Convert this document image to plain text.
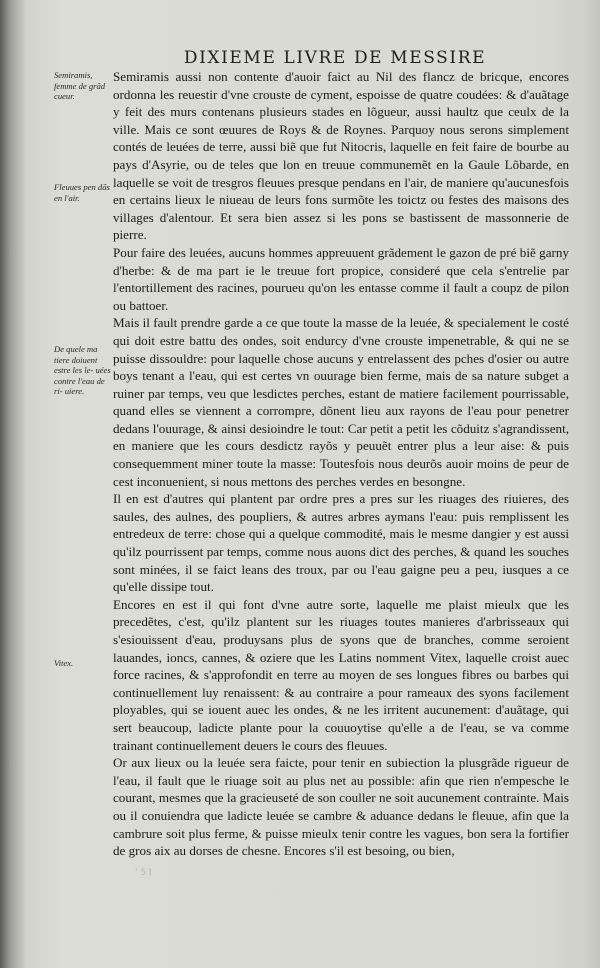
DIXIEME LIVRE DE MESSIRE
Semiramis, femme de grãd cueur.
Fleuues pen dãs en l'air.
De quele ma tiere doiuent estre les le- uées contre l'eau de ri- uiere.
Vitex.

Semiramis aussi non contente d'auoir faict au Nil des flancz de bricque, encores ordonna les reuestir d'vne crouste de cyment, espoisse de quatre coudées: & d'auãtage y feit des murs contenans plusieurs stades en lõgueur, aussi haultz que ceulx de la ville. Mais ce sont œuures de Roys & de Roynes. Parquoy nous serons simplement contés de leuées de terre, aussi biẽ que fut Nitocris, laquelle en feit faire de bourbe au pays d'Asyrie, ou de teles que lon en treuue communemẽt en la Gaule Lõbarde, en laquelle se voit de tresgros fleuues presque pendans en l'air, de maniere qu'aucunesfois en certains lieux le niueau de leurs fons surmõte les toictz ou festes des maisons des villages d'alentour. Et sera bien assez si les pons se bastissent de massonnerie de pierre.

Pour faire des leuées, aucuns hommes appreuuent grãdement le gazon de pré biẽ garny d'herbe: & de ma part ie le treuue fort propice, consideré que cela s'entrelie par l'entortillement des racines, pourueu qu'on les entasse comme il fault a coupz de pilon ou battoer.

Mais il fault prendre garde a ce que toute la masse de la leuée, & specialement le costé qui doit estre battu des ondes, soit endurcy d'vne crouste impenetrable, & qui ne se puisse dissouldre: pour laquelle chose aucuns y entrelassent des pches d'osier ou autre boys tenant a l'eau, qui est certes vn ouurage bien ferme, mais de sa nature subget a ruiner par temps, veu que lesdictes perches, estant de matiere facilement pourrissable, quand elles se viennent a corrompre, dõnent lieu aux rayons de l'eau pour penetrer dedans l'ouurage, & ainsi desioindre le tout: Car petit a petit les cõduitz s'agrandissent, en maniere que les cours desdictz rayõs y peuuẽt entrer plus a leur aise: & puis consequemment miner toute la masse: Toutesfois nous deurõs auoir moins de peur de cest inconuenient, si nous mettons des perches verdes en besongne.

Il en est d'autres qui plantent par ordre pres a pres sur les riuages des riuieres, des saules, des aulnes, des poupliers, & autres arbres aymans l'eau: puis remplissent les entredeux de terre: chose qui a quelque commodité, mais le mesme dangier y est aussi qu'ilz pourrissent par temps, comme nous auons dict des perches, & quand les souches sont minées, il se faict leans des troux, par ou l'eau gaigne peu a peu, iusques a ce qu'elle dissipe tout.

Encores en est il qui font d'vne autre sorte, laquelle me plaist mieulx que les precedẽtes, c'est, qu'ilz plantent sur les riuages toutes manieres d'arbrisseaux qui s'esiouissent d'eau, produysans plus de syons que de branches, comme seroient lauandes, ioncs, cannes, & oziere que les Latins nomment Vitex, laquelle croist auec force racines, & s'approfondit en terre au moyen de ses longues fibres ou barbes qui continuellement luy renaissent: & au contraire a pour rameaux des syons facilement ployables, qui se iouent auec les ondes, & ne les irritent aucunement: d'auãtage, qui sert beaucoup, ladicte plante pour la couuoytise qu'elle a de l'eau, se va comme trainant continuellement deuers le cours des fleuues.

Or aux lieux ou la leuée sera faicte, pour tenir en subiection la plusgrãde rigueur de l'eau, il fault que le riuage soit au plus net au possible: afin que rien n'empesche le courant, mesmes que la gracieuseté de son couller ne soit aucunement contrainte. Mais ou il conuiendra que ladicte leuée se cambre & aduance dedans le fleuue, afin que la cambrure soit plus ferme, & puisse mieulx tenir contre les vagues, bon sera la fortifier de gros aix au dorses de chesne. Encores s'il est besoing, ou bien,

' 5 I
